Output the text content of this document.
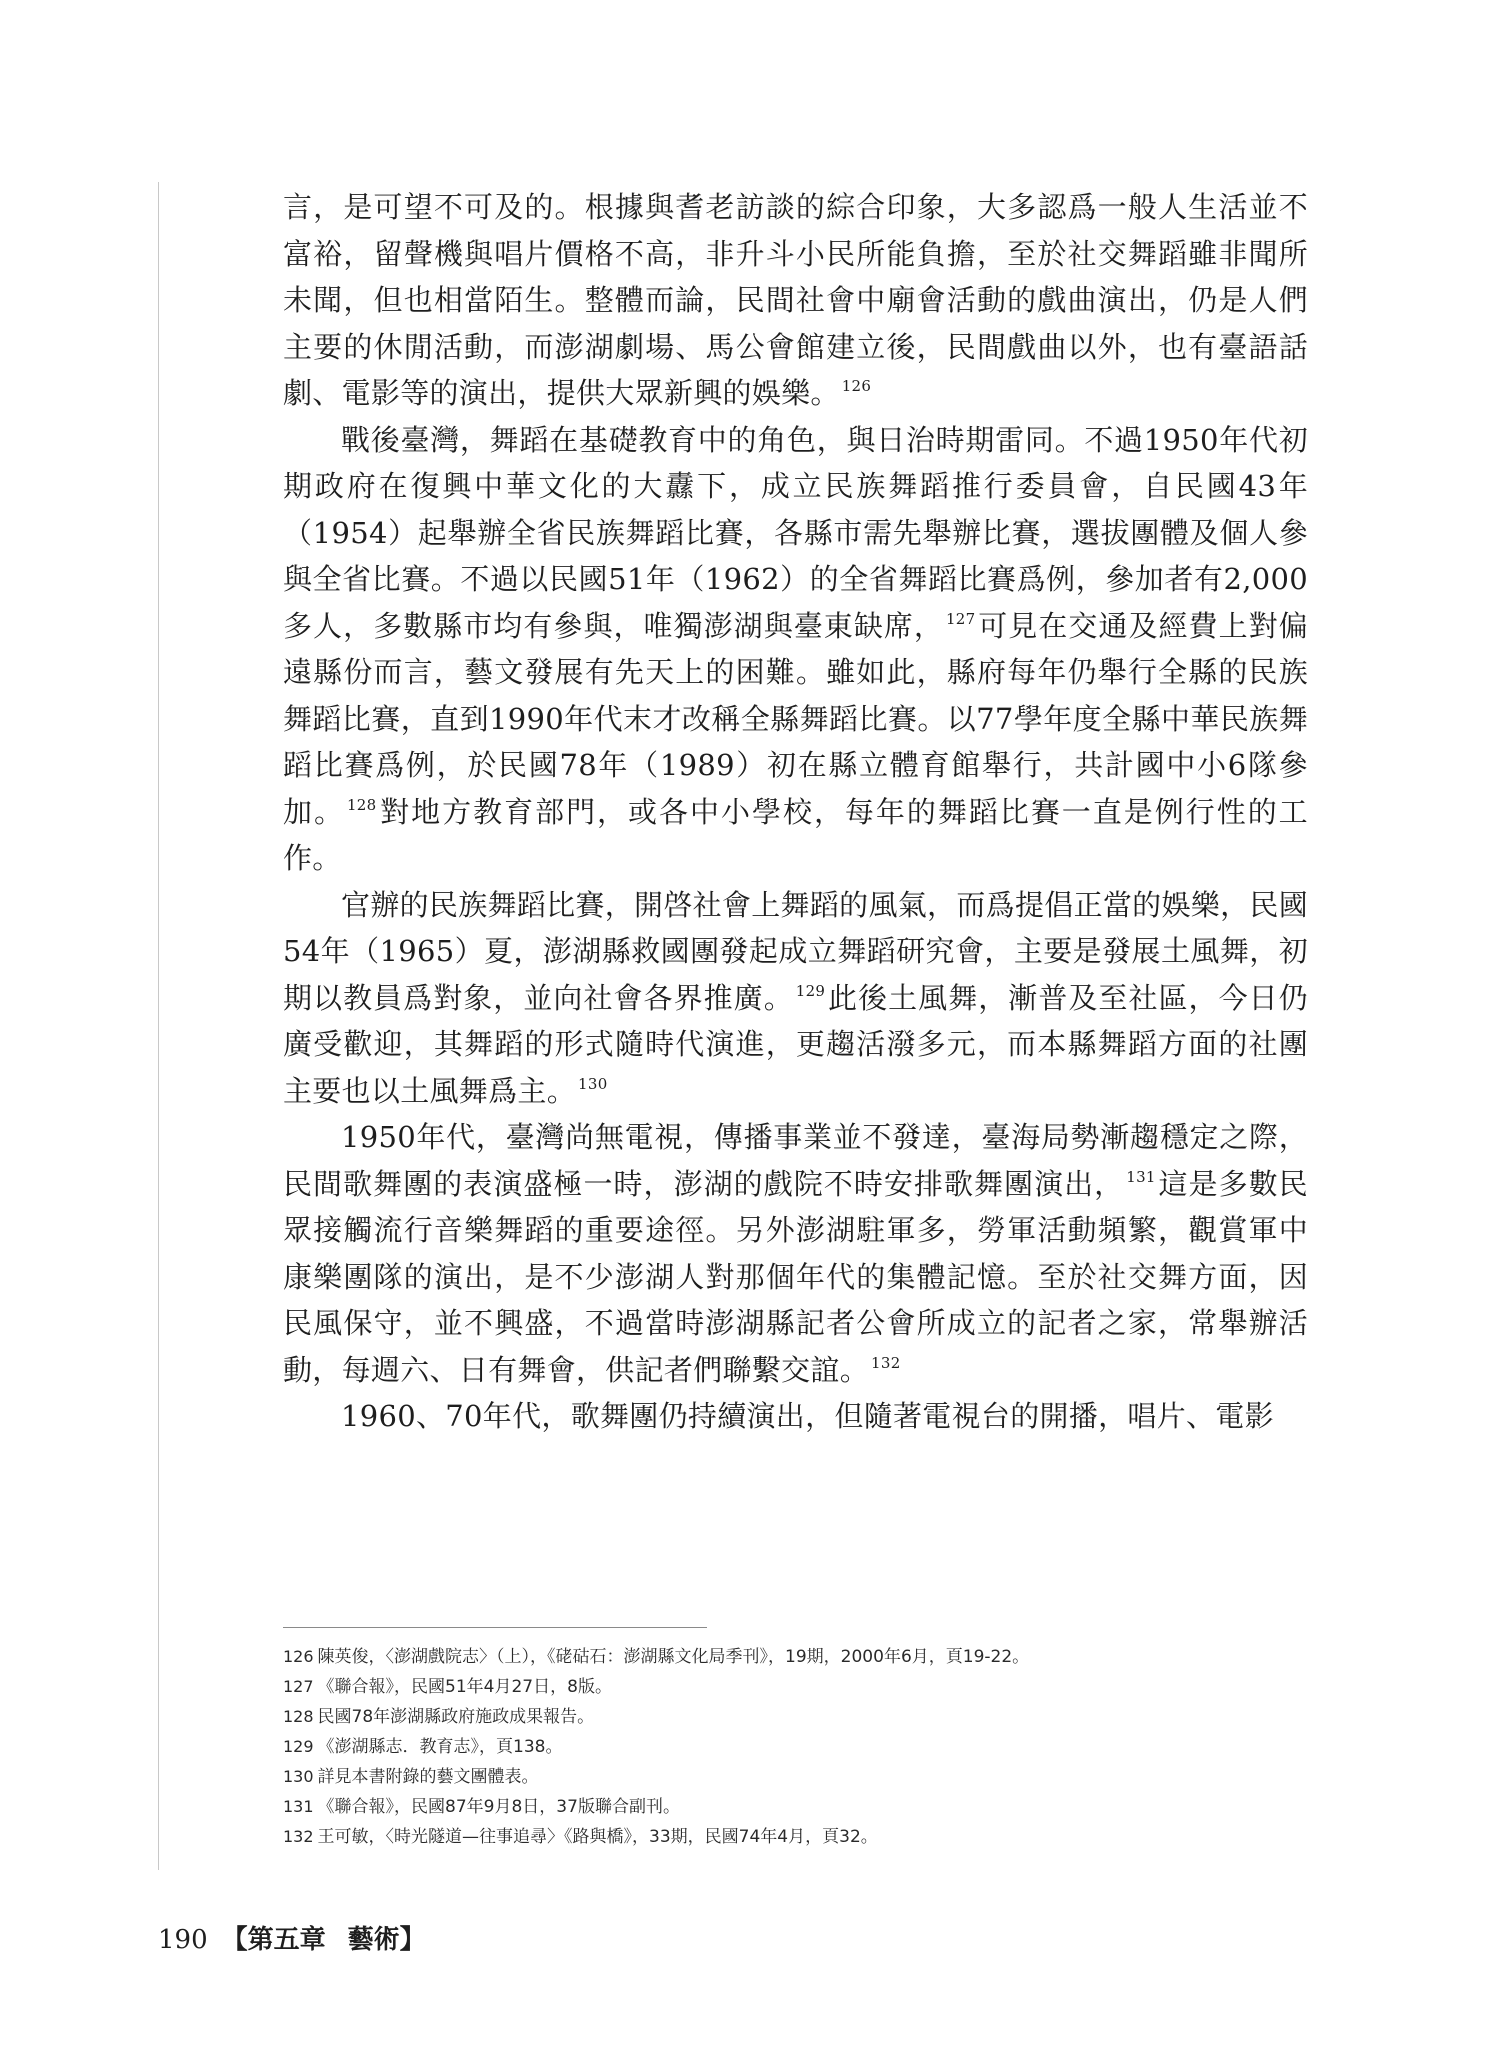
言，是可望不可及的。根據與耆老訪談的綜合印象，大多認爲一般人生活並不富裕，留聲機與唱片價格不高，非升斗小民所能負擔，至於社交舞蹈雖非聞所未聞，但也相當陌生。整體而論，民間社會中廟會活動的戲曲演出，仍是人們主要的休閒活動，而澎湖劇場、馬公會館建立後，民間戲曲以外，也有臺語話劇、電影等的演出，提供大眾新興的娛樂。 $^{126}$

戰後臺灣，舞蹈在基礎教育中的角色，與日治時期雷同。不過1950年代初期政府在復興中華文化的大纛下，成立民族舞蹈推行委員會，自民國43年（1954）起舉辦全省民族舞蹈比賽，各縣市需先舉辦比賽，選拔團體及個人參與全省比賽。不過以民國51年（1962）的全省舞蹈比賽爲例，參加者有2,000多人，多數縣市均有參與，唯獨澎湖與臺東缺席， $^{127}$可見在交通及經費上對偏遠縣份而言，藝文發展有先天上的困難。雖如此，縣府每年仍舉行全縣的民族舞蹈比賽，直到1990年代末才改稱全縣舞蹈比賽。以77學年度全縣中華民族舞蹈比賽爲例，於民國78年（1989）初在縣立體育館舉行，共計國中小6隊參加。 $^{128}$對地方教育部門，或各中小學校，每年的舞蹈比賽一直是例行性的工作。

官辦的民族舞蹈比賽，開啓社會上舞蹈的風氣，而爲提倡正當的娛樂，民國54年（1965）夏，澎湖縣救國團發起成立舞蹈研究會，主要是發展土風舞，初期以教員爲對象，並向社會各界推廣。 $^{129}$此後土風舞，漸普及至社區，今日仍廣受歡迎，其舞蹈的形式隨時代演進，更趨活潑多元，而本縣舞蹈方面的社團主要也以土風舞爲主。 $^{130}$

1950年代，臺灣尚無電視，傳播事業並不發達，臺海局勢漸趨穩定之際，民間歌舞團的表演盛極一時，澎湖的戲院不時安排歌舞團演出， $^{131}$這是多數民眾接觸流行音樂舞蹈的重要途徑。另外澎湖駐軍多，勞軍活動頻繁，觀賞軍中康樂團隊的演出，是不少澎湖人對那個年代的集體記憶。至於社交舞方面，因民風保守，並不興盛，不過當時澎湖縣記者公會所成立的記者之家，常舉辦活動，每週六、日有舞會，供記者們聯繫交誼。 $^{132}$

1960、70年代，歌舞團仍持續演出，但隨著電視台的開播，唱片、電影

126 陳英俊，〈澎湖戲院志〉（上），《硓𥑮石：澎湖縣文化局季刊》，19期，2000年6月，頁19-22。
127 《聯合報》，民國51年4月27日，8版。
128 民國78年澎湖縣政府施政成果報告。
129 《澎湖縣志．教育志》，頁138。
130 詳見本書附錄的藝文團體表。
131 《聯合報》，民國87年9月8日，37版聯合副刊。
132 王可敏，〈時光隧道—往事追尋〉《路與橋》，33期，民國74年4月，頁32。
190 【第五章 藝術】
